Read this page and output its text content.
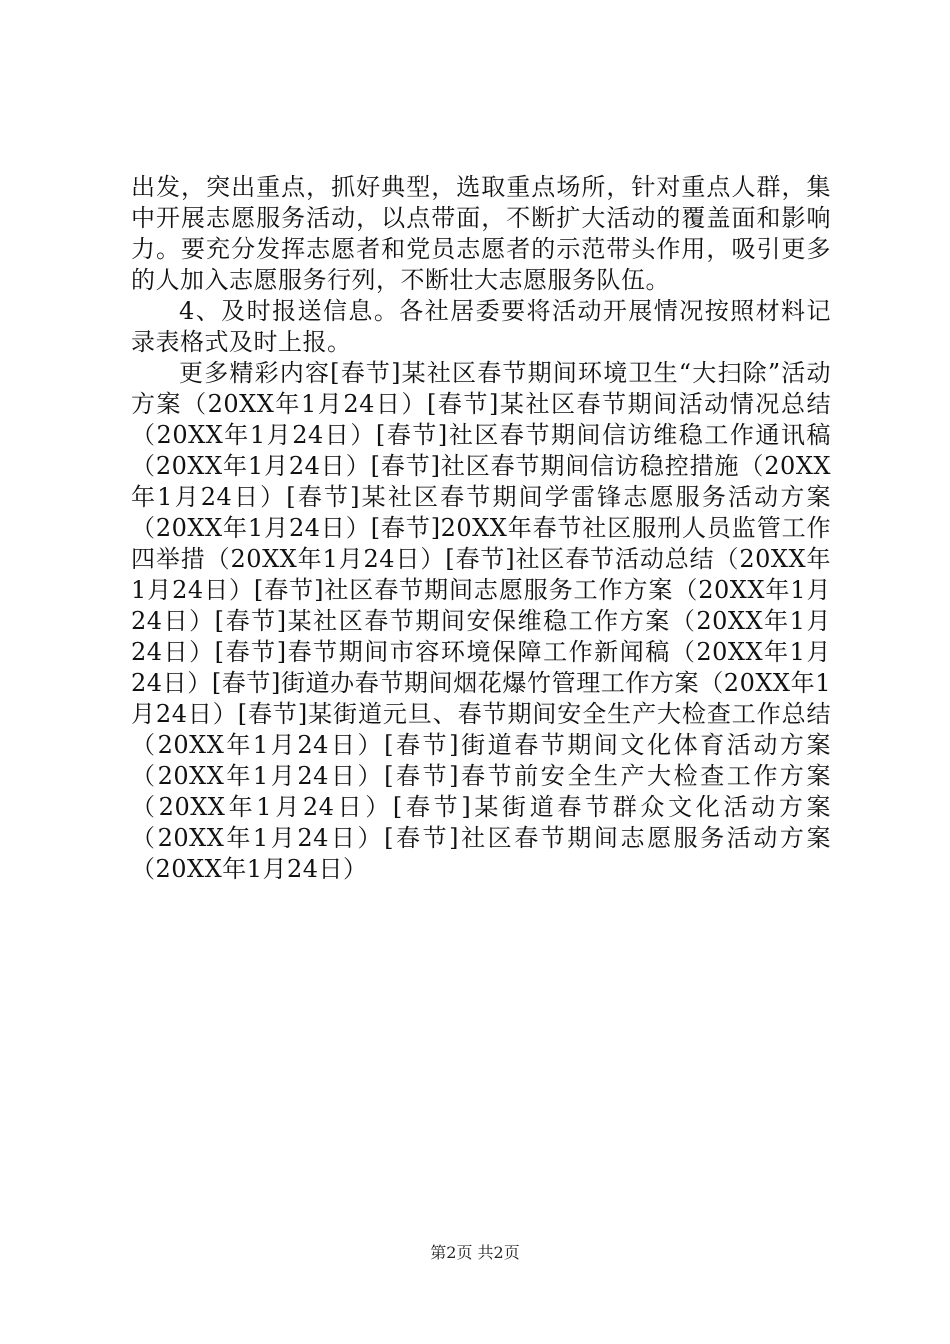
出发，突出重点，抓好典型，选取重点场所，针对重点人群，集中开展志愿服务活动，以点带面，不断扩大活动的覆盖面和影响力。要充分发挥志愿者和党员志愿者的示范带头作用，吸引更多的人加入志愿服务行列，不断壮大志愿服务队伍。

4、及时报送信息。各社居委要将活动开展情况按照材料记录表格式及时上报。

更多精彩内容[春节]某社区春节期间环境卫生“大扫除”活动方案（20XX年1月24日）[春节]某社区春节期间活动情况总结（20XX年1月24日）[春节]社区春节期间信访维稳工作通讯稿（20XX年1月24日）[春节]社区春节期间信访稳控措施（20XX年1月24日）[春节]某社区春节期间学雷锋志愿服务活动方案（20XX年1月24日）[春节]20XX年春节社区服刑人员监管工作四举措（20XX年1月24日）[春节]社区春节活动总结（20XX年1月24日）[春节]社区春节期间志愿服务工作方案（20XX年1月24日）[春节]某社区春节期间安保维稳工作方案（20XX年1月24日）[春节]春节期间市容环境保障工作新闻稿（20XX年1月24日）[春节]街道办春节期间烟花爆竹管理工作方案（20XX年1月24日）[春节]某街道元旦、春节期间安全生产大检查工作总结（20XX年1月24日）[春节]街道春节期间文化体育活动方案（20XX年1月24日）[春节]春节前安全生产大检查工作方案（20XX年1月24日）[春节]某街道春节群众文化活动方案（20XX年1月24日）[春节]社区春节期间志愿服务活动方案（20XX年1月24日）

第2页 共2页
